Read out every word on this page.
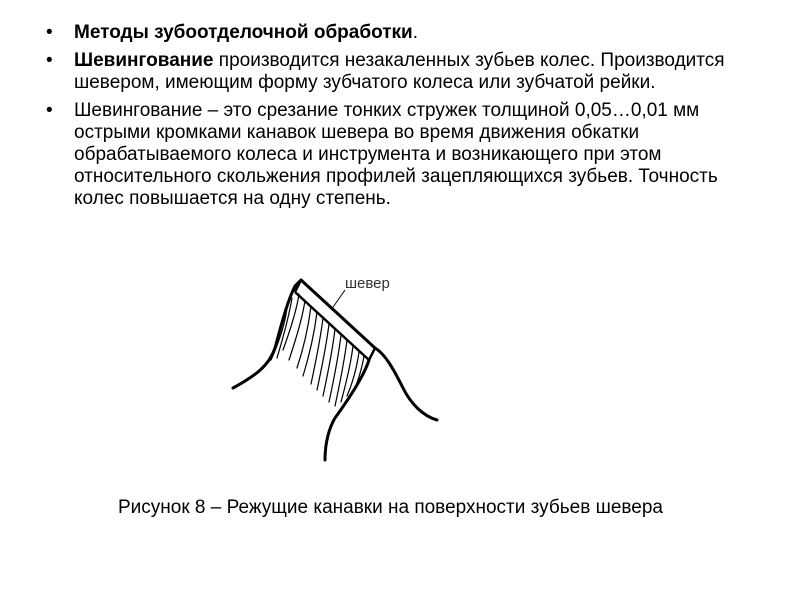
• Методы зубоотделочной обработки.
• Шевингование производится незакаленных зубьев колес. Производится шевером, имеющим форму зубчатого колеса или зубчатой рейки.
• Шевингование – это срезание тонких стружек толщиной 0,05…0,01 мм острыми кромками канавок шевера во время движения обкатки обрабатываемого колеса и инструмента и возникающего при этом относительного скольжения профилей зацепляющихся зубьев. Точность колес повышается на одну степень.
шевер
Рисунок 8 – Режущие канавки на поверхности зубьев шевера
